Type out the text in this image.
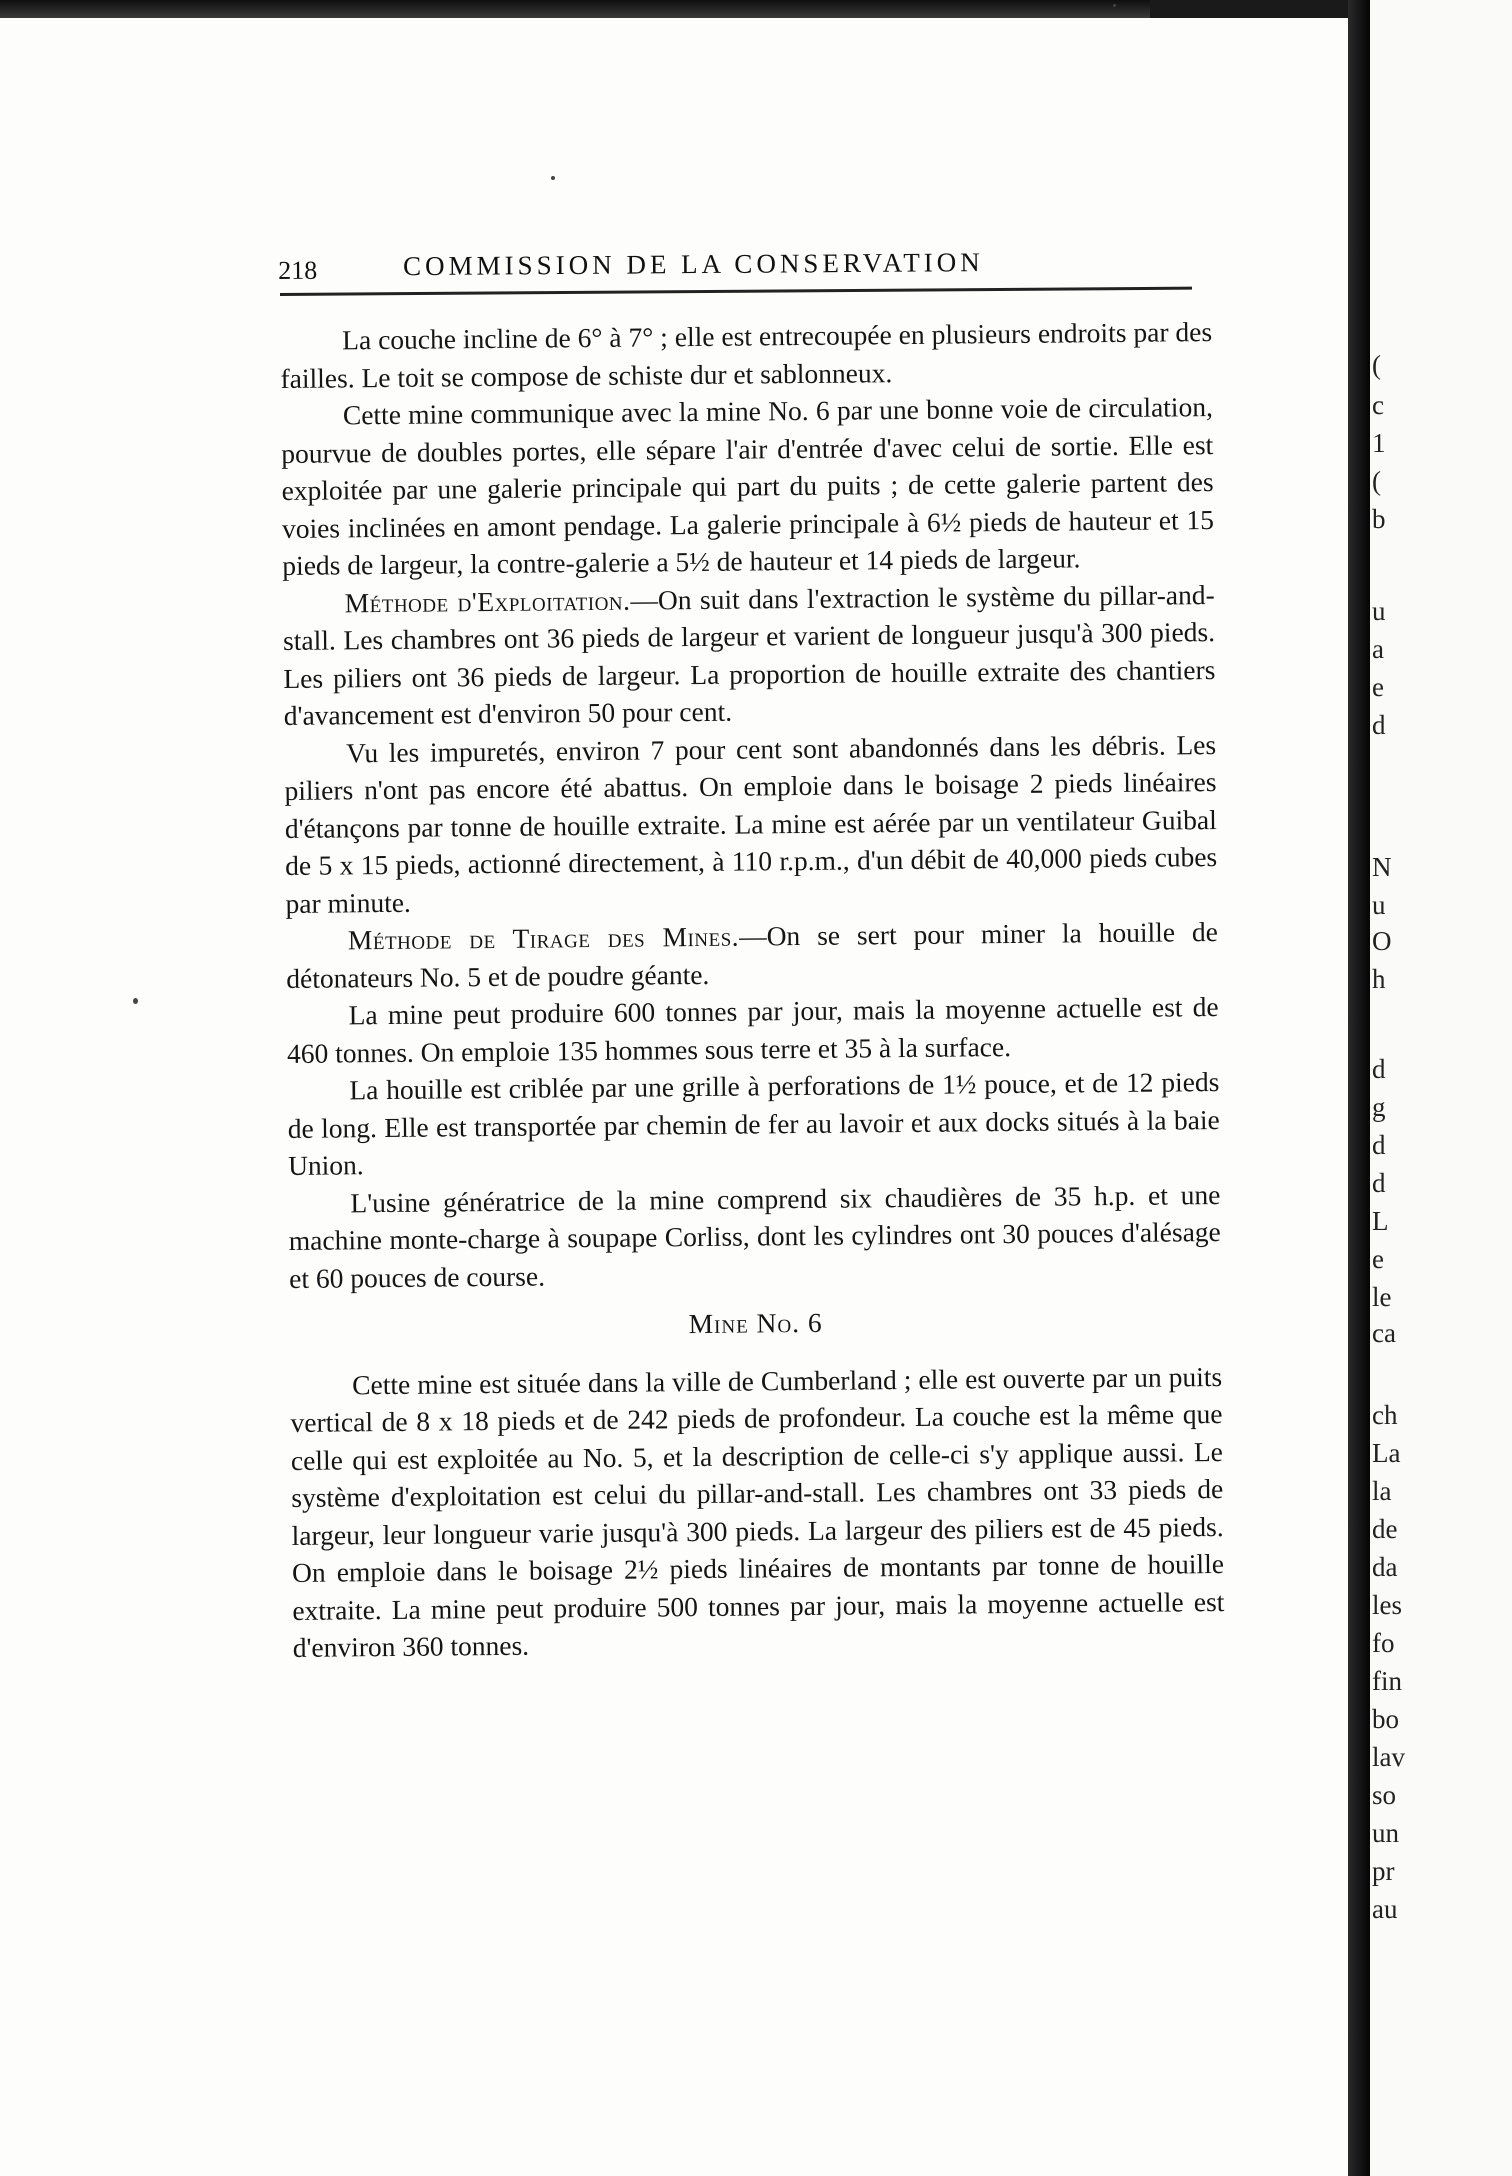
218	COMMISSION DE LA CONSERVATION

La couche incline de 6° à 7° ; elle est entrecoupée en plusieurs endroits par des failles. Le toit se compose de schiste dur et sablonneux.

Cette mine communique avec la mine No. 6 par une bonne voie de circulation, pourvue de doubles portes, elle sépare l'air d'entrée d'avec celui de sortie. Elle est exploitée par une galerie principale qui part du puits ; de cette galerie partent des voies inclinées en amont pendage. La galerie principale à 6½ pieds de hauteur et 15 pieds de largeur, la contre-galerie a 5½ de hauteur et 14 pieds de largeur.

Méthode d'Exploitation.—On suit dans l'extraction le système du pillar-and-stall. Les chambres ont 36 pieds de largeur et varient de longueur jusqu'à 300 pieds. Les piliers ont 36 pieds de largeur. La proportion de houille extraite des chantiers d'avancement est d'environ 50 pour cent.

Vu les impuretés, environ 7 pour cent sont abandonnés dans les débris. Les piliers n'ont pas encore été abattus. On emploie dans le boisage 2 pieds linéaires d'étançons par tonne de houille extraite. La mine est aérée par un ventilateur Guibal de 5 x 15 pieds, actionné directement, à 110 r.p.m., d'un débit de 40,000 pieds cubes par minute.

Méthode de Tirage des Mines.—On se sert pour miner la houille de détonateurs No. 5 et de poudre géante.

La mine peut produire 600 tonnes par jour, mais la moyenne actuelle est de 460 tonnes. On emploie 135 hommes sous terre et 35 à la surface.

La houille est criblée par une grille à perforations de 1½ pouce, et de 12 pieds de long. Elle est transportée par chemin de fer au lavoir et aux docks situés à la baie Union.

L'usine génératrice de la mine comprend six chaudières de 35 h.p. et une machine monte-charge à soupape Corliss, dont les cylindres ont 30 pouces d'alésage et 60 pouces de course.

Mine No. 6

Cette mine est située dans la ville de Cumberland ; elle est ouverte par un puits vertical de 8 x 18 pieds et de 242 pieds de profondeur. La couche est la même que celle qui est exploitée au No. 5, et la description de celle-ci s'y applique aussi. Le système d'exploitation est celui du pillar-and-stall. Les chambres ont 33 pieds de largeur, leur longueur varie jusqu'à 300 pieds. La largeur des piliers est de 45 pieds. On emploie dans le boisage 2½ pieds linéaires de montants par tonne de houille extraite. La mine peut produire 500 tonnes par jour, mais la moyenne actuelle est d'environ 360 tonnes.

(
c
1
(
b
u
a
e
d
N
u
O
h
d
g
d
d
L
e
le
ca
ch
La
la
de
da
les
fo
fin
bo
lav
so
un
pr
au
